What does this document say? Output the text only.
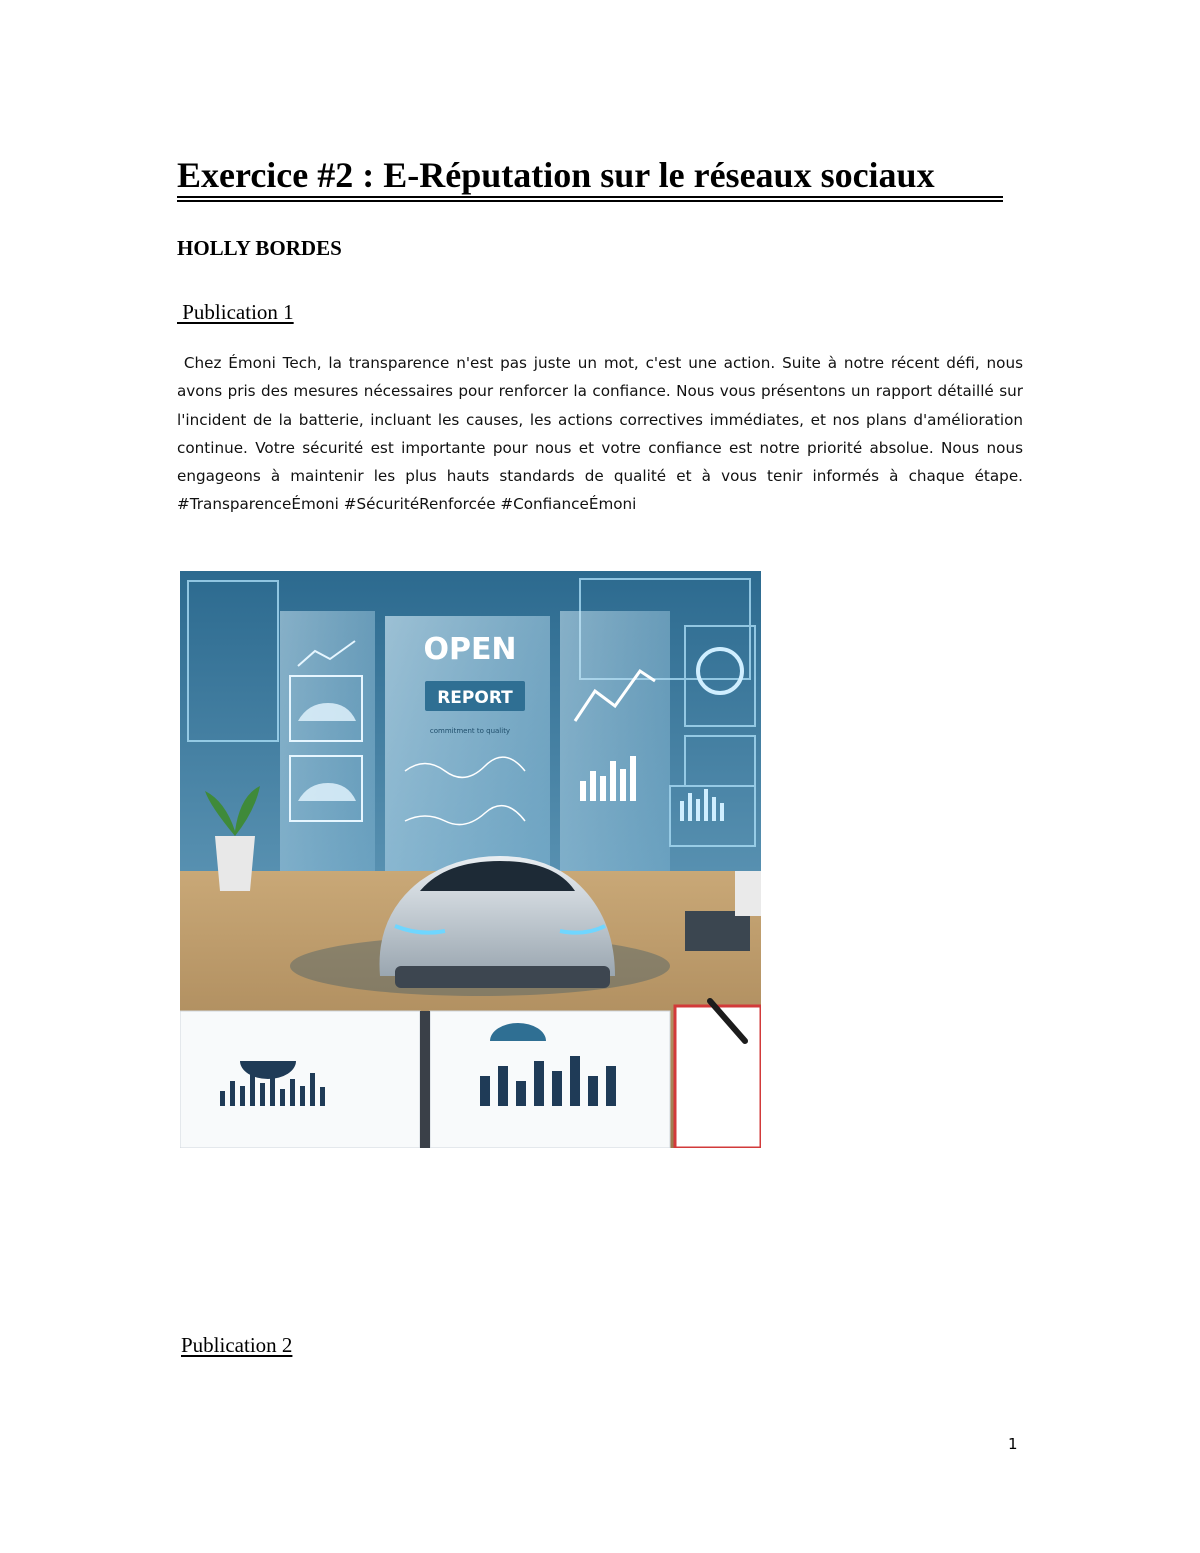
Exercice #2 : E-Réputation sur le réseaux sociaux

HOLLY BORDES

Publication 1

Chez Émoni Tech, la transparence n'est pas juste un mot, c'est une action. Suite à notre récent défi, nous avons pris des mesures nécessaires pour renforcer la confiance. Nous vous présentons un rapport détaillé sur l'incident de la batterie, incluant les causes, les actions correctives immédiates, et nos plans d'amélioration continue. Votre sécurité est importante pour nous et votre confiance est notre priorité absolue. Nous nous engageons à maintenir les plus hauts standards de qualité et à vous tenir informés à chaque étape. #TransparenceÉmoni #SécuritéRenforcée #ConfianceÉmoni

OPEN
REPORT
commitment to quality

Publication 2

1
